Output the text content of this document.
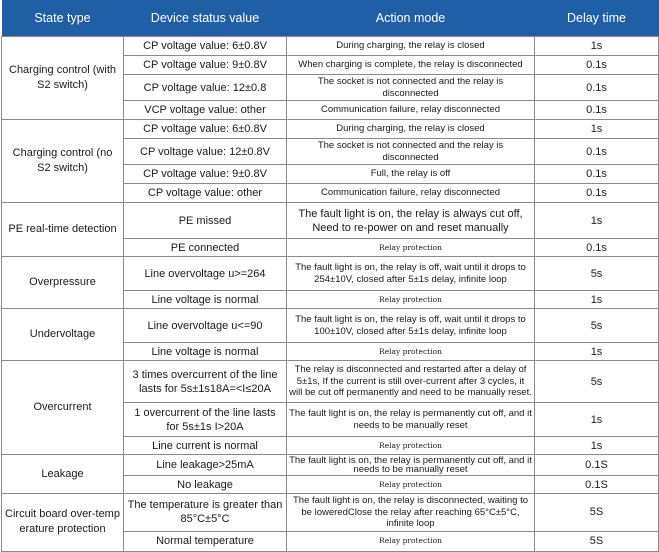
State type	Device status value	Action mode	Delay time
Charging control (with S2 switch)	CP voltage value: 6±0.8V	During charging, the relay is closed	1s
	CP voltage value: 9±0.8V	When charging is complete, the relay is disconnected	0.1s
	CP voltage value: 12±0.8	The socket is not connected and the relay is disconnected	0.1s
	VCP voltage value: other	Communication failure, relay disconnected	0.1s
Charging control (no S2 switch)	CP voltage value: 6±0.8V	During charging, the relay is closed	1s
	CP voltage value: 12±0.8V	The socket is not connected and the relay is disconnected	0.1s
	CP voltage value: 9±0.8V	Full, the relay is off	0.1s
	CP voltage value: other	Communication failure, relay disconnected	0.1s
PE real-time detection	PE missed	The fault light is on, the relay is always cut off, Need to re-power on and reset manually	1s
	PE connected	Relay protection	0.1s
Overpressure	Line overvoltage u>=264	The fault light is on, the relay is off, wait until it drops to 254±10V, closed after 5±1s delay, infinite loop	5s
	Line voltage is normal	Relay protection	1s
Undervoltage	Line overvoltage u<=90	The fault light is on, the relay is off, wait until it drops to 100±10V, closed after 5±1s delay, infinite loop	5s
	Line voltage is normal	Relay protection	1s
Overcurrent	3 times overcurrent of the line lasts for 5s±1s18A=<I≤20A	The relay is disconnected and restarted after a delay of 5±1s, If the current is still over-current after 3 cycles, it will be cut off permanently and need to be manually reset.	5s
	1 overcurrent of the line lasts for 5s±1s I>20A	The fault light is on, the relay is permanently cut off, and it needs to be manually reset	1s
	Line current is normal	Relay protection	1s
Leakage	Line leakage>25mA	The fault light is on, the relay is permanently cut off, and it needs to be manually reset	0.1S
	No leakage	Relay protection	0.1S
Circuit board over-temp erature protection	The temperature is greater than 85°C±5°C	The fault light is on, the relay is disconnected, waiting to be loweredClose the relay after reaching 65°C±5°C, infinite loop	5S
	Normal temperature	Relay protection	5S
